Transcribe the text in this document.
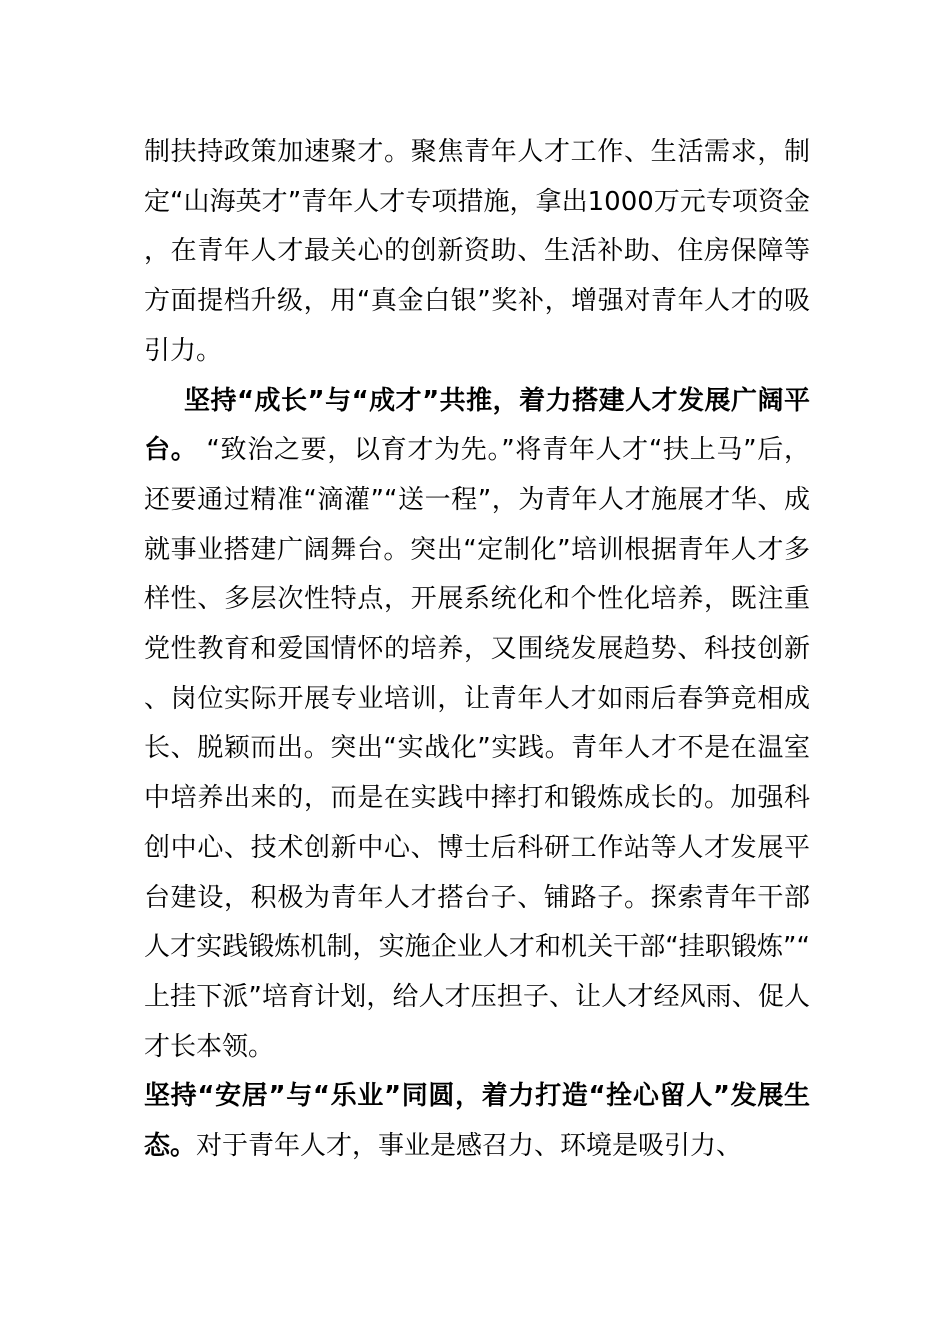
制扶持政策加速聚才。聚焦青年人才工作、生活需求，制定“山海英才”青年人才专项措施，拿出1000万元专项资金，在青年人才最关心的创新资助、生活补助、住房保障等方面提档升级，用“真金白银”奖补，增强对青年人才的吸引力。

坚持“成长”与“成才”共推，着力搭建人才发展广阔平台。 “致治之要，以育才为先。”将青年人才“扶上马”后，还要通过精准“滴灌”“送一程”，为青年人才施展才华、成就事业搭建广阔舞台。突出“定制化”培训根据青年人才多样性、多层次性特点，开展系统化和个性化培养，既注重党性教育和爱国情怀的培养，又围绕发展趋势、科技创新、岗位实际开展专业培训，让青年人才如雨后春笋竞相成长、脱颖而出。突出“实战化”实践。青年人才不是在温室中培养出来的，而是在实践中摔打和锻炼成长的。加强科创中心、技术创新中心、博士后科研工作站等人才发展平台建设，积极为青年人才搭台子、铺路子。探索青年干部人才实践锻炼机制，实施企业人才和机关干部“挂职锻炼”“上挂下派”培育计划，给人才压担子、让人才经风雨、促人才长本领。

坚持“安居”与“乐业”同圆，着力打造“拴心留人”发展生态。对于青年人才，事业是感召力、环境是吸引力、
